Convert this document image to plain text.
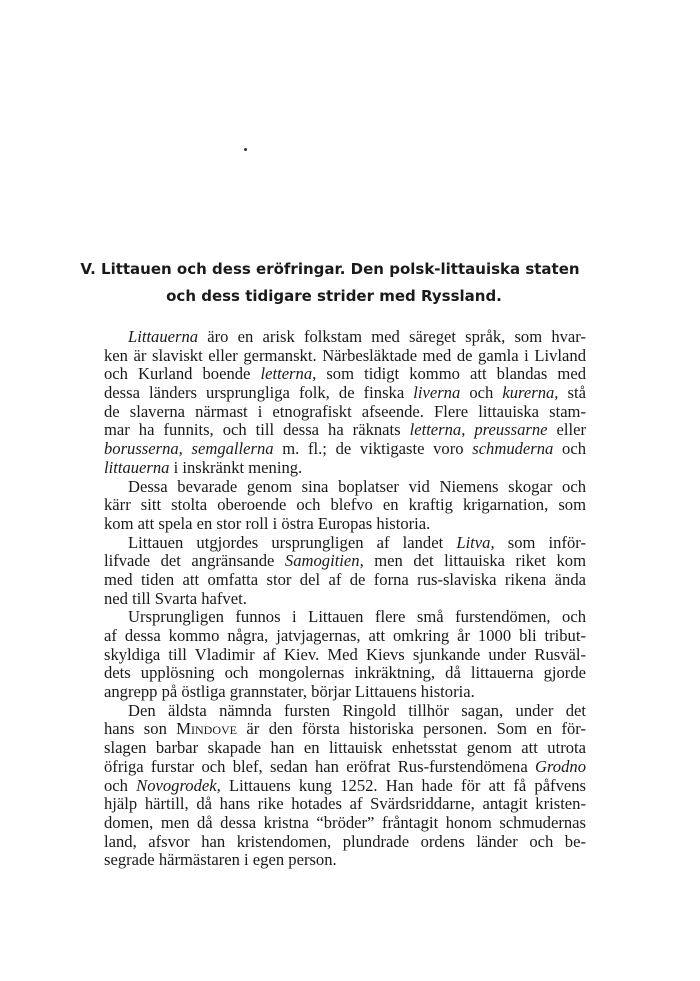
V. Littauen och dess eröfringar. Den polsk-littauiska staten
och dess tidigare strider med Ryssland.
Littauerna äro en arisk folkstam med säreget språk, som hvar-
ken är slaviskt eller germanskt. Närbesläktade med de gamla i Livland
och Kurland boende letterna, som tidigt kommo att blandas med
dessa länders ursprungliga folk, de finska liverna och kurerna, stå
de slaverna närmast i etnografiskt afseende. Flere littauiska stam-
mar ha funnits, och till dessa ha räknats letterna, preussarne eller
borusserna, semgallerna m. fl.; de viktigaste voro schmuderna och
littauerna i inskränkt mening.
Dessa bevarade genom sina boplatser vid Niemens skogar och
kärr sitt stolta oberoende och blefvo en kraftig krigarnation, som
kom att spela en stor roll i östra Europas historia.
Littauen utgjordes ursprungligen af landet Litva, som inför-
lifvade det angränsande Samogitien, men det littauiska riket kom
med tiden att omfatta stor del af de forna rus-slaviska rikena ända
ned till Svarta hafvet.
Ursprungligen funnos i Littauen flere små furstendömen, och
af dessa kommo några, jatvjagernas, att omkring år 1000 bli tribut-
skyldiga till Vladimir af Kiev. Med Kievs sjunkande under Rusväl-
dets upplösning och mongolernas inkräktning, då littauerna gjorde
angrepp på östliga grannstater, börjar Littauens historia.
Den äldsta nämnda fursten Ringold tillhör sagan, under det
hans son Mindove är den första historiska personen. Som en för-
slagen barbar skapade han en littauisk enhetsstat genom att utrota
öfriga furstar och blef, sedan han eröfrat Rus-furstendömena Grodno
och Novogrodek, Littauens kung 1252. Han hade för att få påfvens
hjälp härtill, då hans rike hotades af Svärdsriddarne, antagit kristen-
domen, men då dessa kristna “bröder” fråntagit honom schmudernas
land, afsvor han kristendomen, plundrade ordens länder och be-
segrade härmästaren i egen person.
